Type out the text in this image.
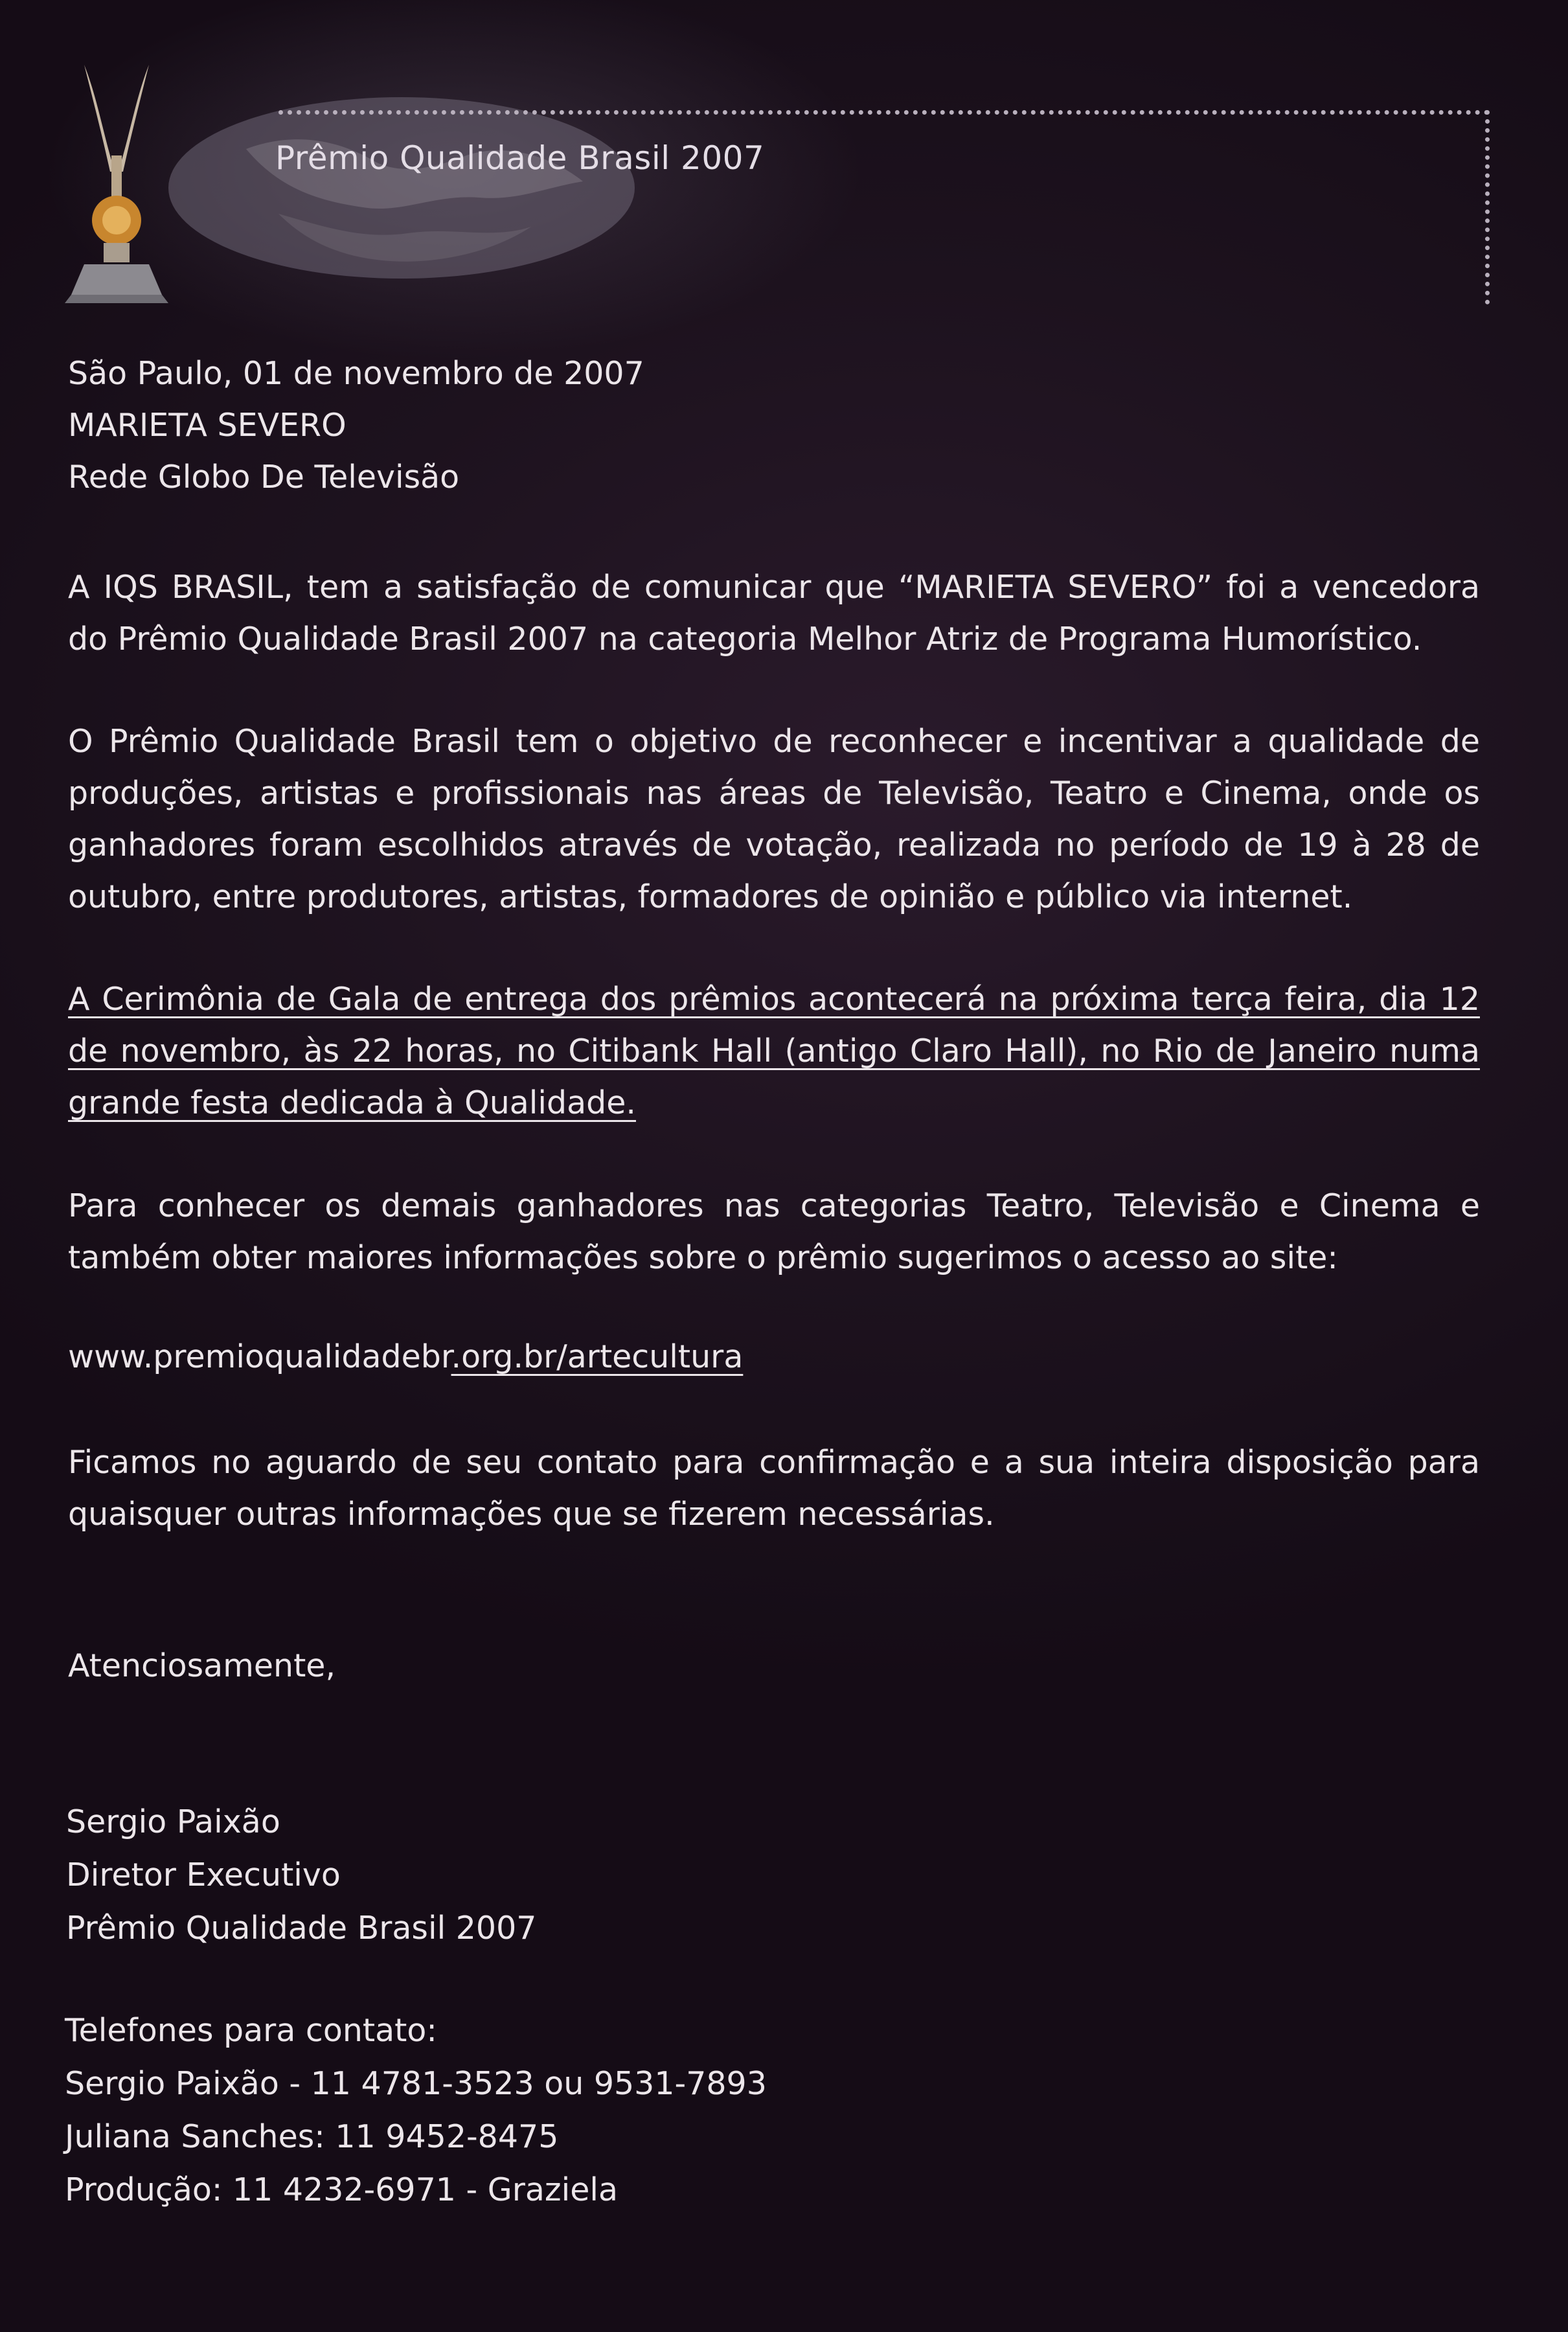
Prêmio Qualidade Brasil 2007
São Paulo, 01 de novembro de 2007
MARIETA SEVERO
Rede Globo De Televisão
A IQS BRASIL, tem a satisfação de comunicar que “MARIETA SEVERO” foi a vencedora do Prêmio Qualidade Brasil 2007 na categoria Melhor Atriz de Programa Humorístico.
O Prêmio Qualidade Brasil tem o objetivo de reconhecer e incentivar a qualidade de produções, artistas e profissionais nas áreas de Televisão, Teatro e Cinema, onde os ganhadores foram escolhidos através de votação, realizada no período de 19 à 28 de outubro, entre produtores, artistas, formadores de opinião e público via internet.
A Cerimônia de Gala de entrega dos prêmios acontecerá na próxima terça feira, dia 12 de novembro, às 22 horas, no Citibank Hall (antigo Claro Hall), no Rio de Janeiro numa grande festa dedicada à Qualidade.
Para conhecer os demais ganhadores nas categorias Teatro, Televisão e Cinema e também obter maiores informações sobre o prêmio sugerimos o acesso ao site:
www.premioqualidadebr.org.br/artecultura
Ficamos no aguardo de seu contato para confirmação e a sua inteira disposição para quaisquer outras informações que se fizerem necessárias.
Atenciosamente,
Sergio Paixão
Diretor Executivo
Prêmio Qualidade Brasil 2007
Telefones para contato:
Sergio Paixão - 11 4781-3523 ou 9531-7893
Juliana Sanches: 11 9452-8475
Produção: 11 4232-6971 - Graziela
